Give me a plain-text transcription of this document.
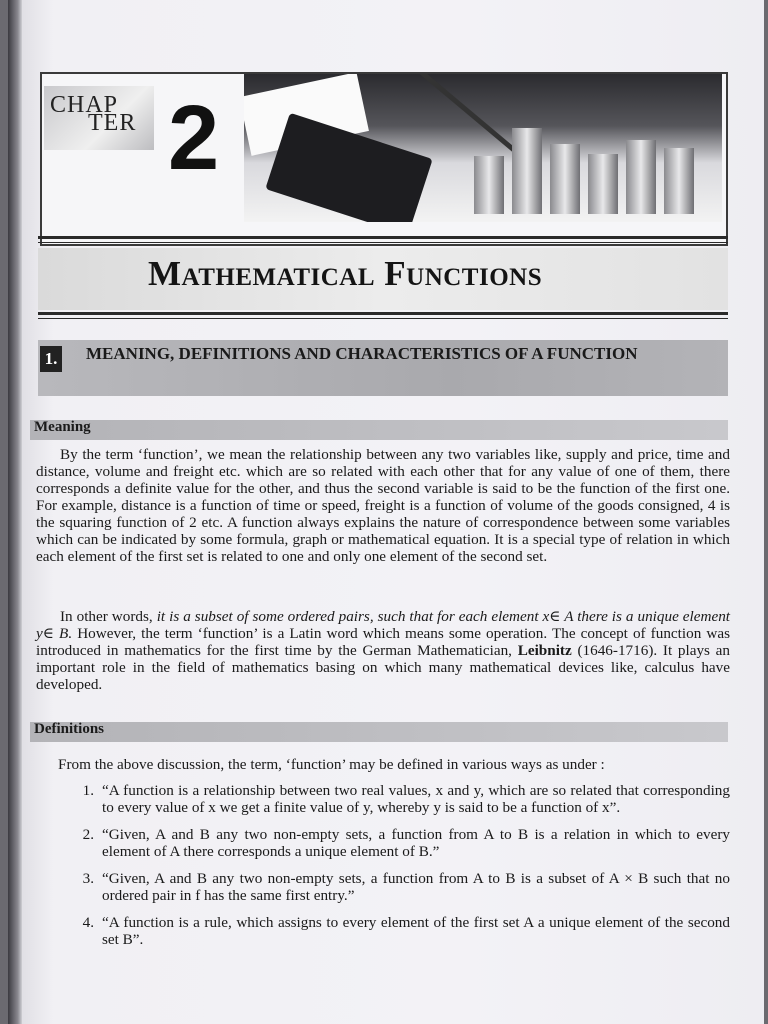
CHAP
TER 2
Mathematical Functions
1. MEANING, DEFINITIONS AND CHARACTERISTICS OF A FUNCTION
Meaning

By the term ‘function’, we mean the relationship between any two variables like, supply and price, time and distance, volume and freight etc. which are so related with each other that for any value of one of them, there corresponds a definite value for the other, and thus the second variable is said to be the function of the first one. For example, distance is a function of time or speed, freight is a function of volume of the goods consigned, 4 is the squaring function of 2 etc. A function always explains the nature of correspondence between some variables which can be indicated by some formula, graph or mathematical equation. It is a special type of relation in which each element of the first set is related to one and only one element of the second set.

In other words, it is a subset of some ordered pairs, such that for each element x∈ A there is a unique element y∈ B. However, the term ‘function’ is a Latin word which means some operation. The concept of function was introduced in mathematics for the first time by the German Mathematician, Leibnitz (1646-1716). It plays an important role in the field of mathematics basing on which many mathematical devices like, calculus have developed.

Definitions

From the above discussion, the term, ‘function’ may be defined in various ways as under :

1. “A function is a relationship between two real values, x and y, which are so related that corresponding to every value of x we get a finite value of y, whereby y is said to be a function of x”.
2. “Given, A and B any two non-empty sets, a function from A to B is a relation in which to every element of A there corresponds a unique element of B.”
3. “Given, A and B any two non-empty sets, a function from A to B is a subset of A × B such that no ordered pair in f has the same first entry.”
4. “A function is a rule, which assigns to every element of the first set A a unique element of the second set B”.
